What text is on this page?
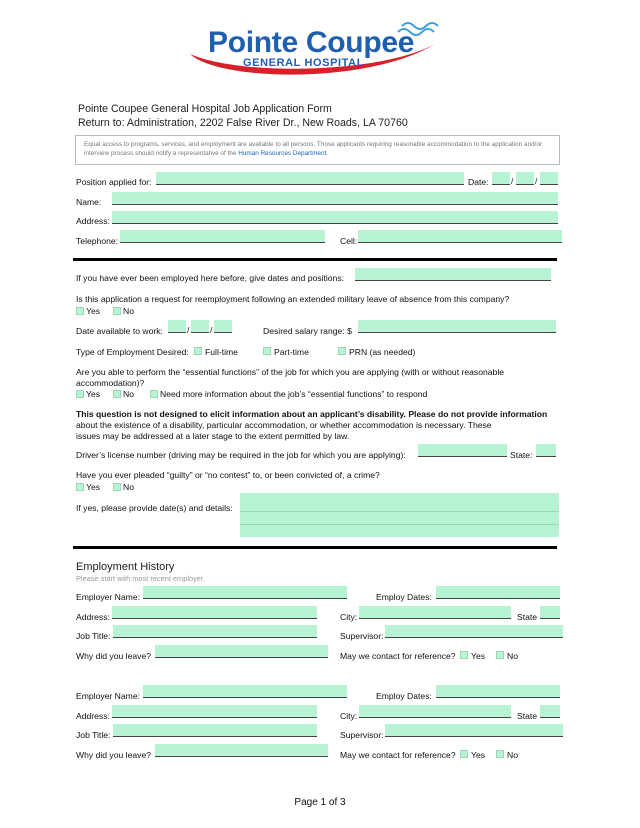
Pointe Coupee
GENERAL HOSPITAL
Pointe Coupee General Hospital Job Application Form
Return to: Administration, 2202 False River Dr., New Roads, LA 70760
Equal access to programs, services, and employment are available to all persons. Those applicants requiring reasonable accommodation to the application and/or interview process should notify a representative of the Human Resources Department.
Position applied for:	Date:	/	/
Name:
Address:
Telephone:	Cell:
If you have ever been employed here before, give dates and positions:
Is this application a request for reemployment following an extended military leave of absence from this company?
Yes	No
Date available to work:	/ /	Desired salary range: $
Type of Employment Desired: Full-time	Part-time	PRN (as needed)
Are you able to perform the “essential functions” of the job for which you are applying (with or without reasonable
accommodation)?
Yes	No	Need more information about the job’s “essential functions” to respond
This question is not designed to elicit information about an applicant’s disability. Please do not provide information
about the existence of a disability, particular accommodation, or whether accommodation is necessary. These
issues may be addressed at a later stage to the extent permitted by law.
Driver’s license number (driving may be required in the job for which you are applying):	State:
Have you ever pleaded “guilty” or “no contest” to, or been convicted of, a crime?
Yes	No
If yes, please provide date(s) and details:
Employment History
Please start with most recent employer.
Employer Name:	Employ Dates:
Address:	City:	State
Job Title:	Supervisor:
Why did you leave?	May we contact for reference? Yes	No
Employer Name:	Employ Dates:
Address:	City:	State
Job Title:	Supervisor:
Why did you leave?	May we contact for reference? Yes	No
Page 1 of 3
